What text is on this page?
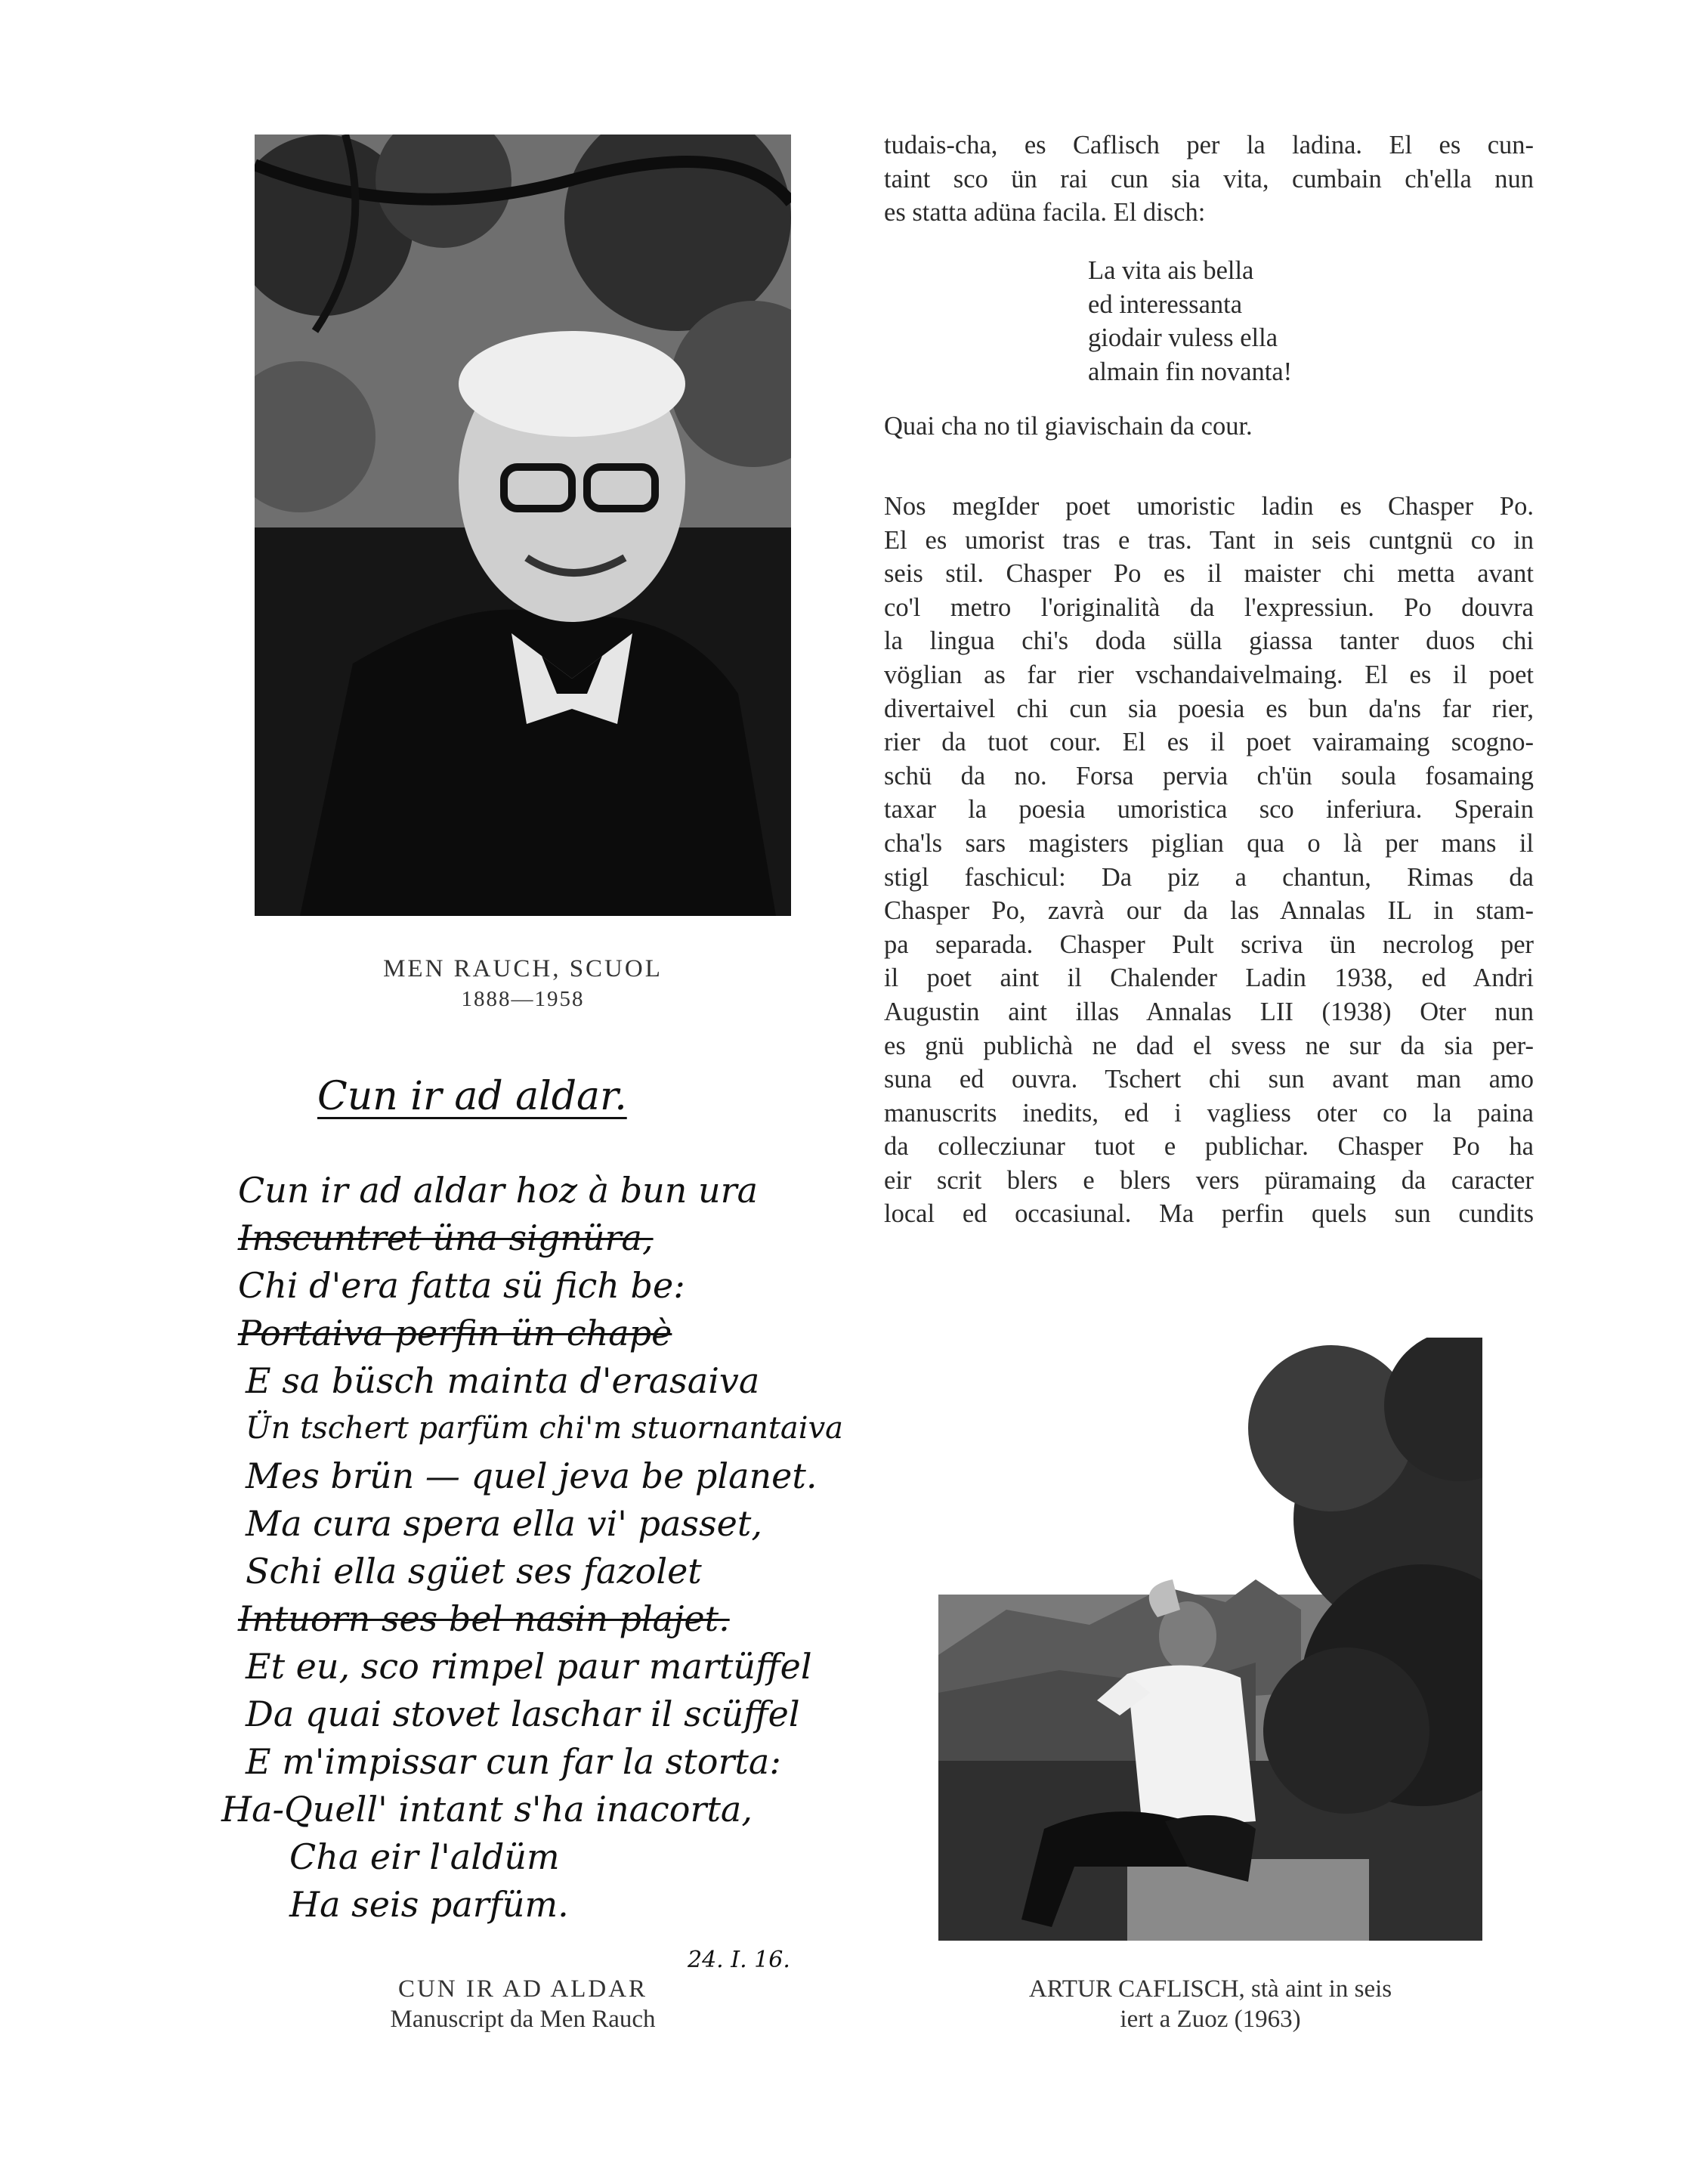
MEN RAUCH, SCUOL
1888—1958
Cun ir ad aldar.
Cun ir ad aldar hoz à bun ura
Inscuntret üna signüra,
Chi d'era fatta sü fich be:
Portaiva perfin ün chapè
E sa büsch mainta d'erasaiva
Ün tschert parfüm chi'm stuornantaiva
Mes brün — quel jeva be planet.
Ma cura spera ella vi' passet,
Schi ella sgüet ses fazolet
Intuorn ses bel nasin plajet.
Et eu, sco rimpel paur martüffel
Da quai stovet laschar il scüffel
E m'impissar cun far la storta:
Ha-Quell' intant s'ha inacorta,
Cha eir l'aldüm
Ha seis parfüm.
24. I. 16.
CUN IR AD ALDAR
Manuscript da Men Rauch
tudais-cha, es Caflisch per la ladina. El es cun-
taint sco ün rai cun sia vita, cumbain ch'ella nun
es statta adüna facila. El disch:
La vita ais bella
ed interessanta
giodair vuless ella
almain fin novanta!
Quai cha no til giavischain da cour.
Nos megIder poet umoristic ladin es Chasper Po.
El es umorist tras e tras. Tant in seis cuntgnü co in
seis stil. Chasper Po es il maister chi metta avant
co'l metro l'originalità da l'expressiun. Po douvra
la lingua chi's doda süllа giassa tanter duos chi
vöglian as far rier vschandaivelmaing. El es il poet
divertaivel chi cun sia poesia es bun da'ns far rier,
rier da tuot cour. El es il poet vairamaing scogno-
schü da no. Forsa pervia ch'ün soula fosamaing
taxar la poesia umoristica sco inferiura. Sperain
cha'ls sars magisters piglian qua o là per mans il
stigl faschicul: Da piz a chantun, Rimas da
Chasper Po, zavrà our da las Annalas IL in stam-
pa separada. Chasper Pult scriva ün necrolog per
il poet aint il Chalender Ladin 1938, ed Andri
Augustin aint illas Annalas LII (1938) Oter nun
es gnü publichà ne dad el svess ne sur da sia per-
suna ed ouvra. Tschert chi sun avant man amo
manuscrits inedits, ed i vagliess oter co la paina
da collecziunar tuot e publichar. Chasper Po ha
eir scrit blers e blers vers püramaing da caracter
local ed occasiunal. Ma perfin quels sun cundits
ARTUR CAFLISCH, stà aint in seis
iert a Zuoz (1963)
